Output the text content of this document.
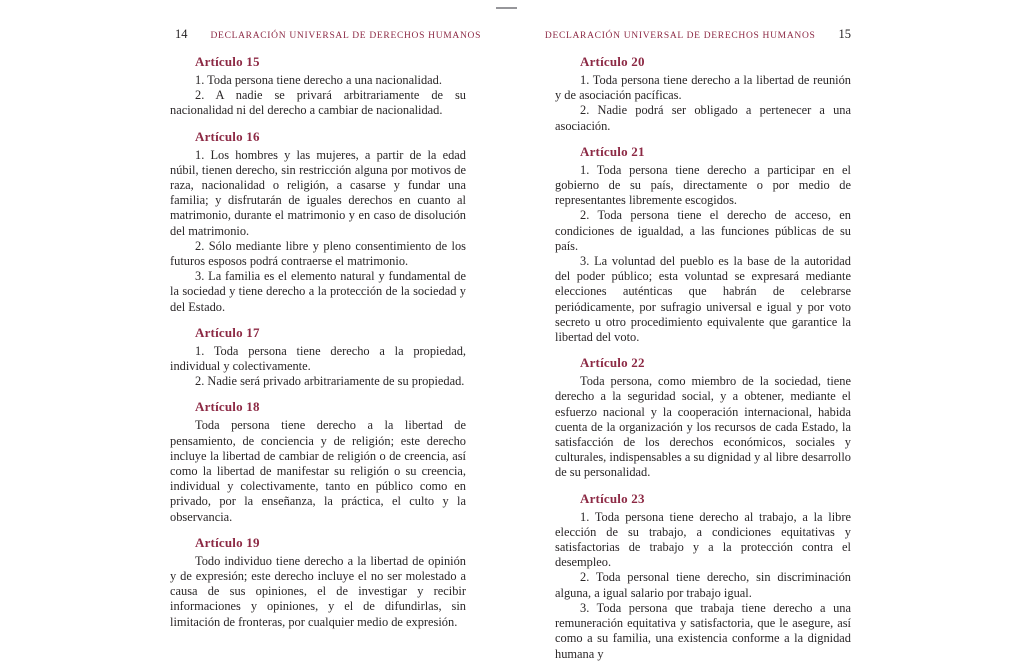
14 DECLARACIÓN UNIVERSAL DE DERECHOS HUMANOS
Artículo 15

1. Toda persona tiene derecho a una nacionalidad.

2. A nadie se privará arbitrariamente de su nacionalidad ni del derecho a cambiar de nacionalidad.

Artículo 16

1. Los hombres y las mujeres, a partir de la edad núbil, tienen derecho, sin restricción alguna por motivos de raza, nacionalidad o religión, a casarse y fundar una familia; y disfrutarán de iguales derechos en cuanto al matrimonio, durante el matrimonio y en caso de disolución del matrimonio.

2. Sólo mediante libre y pleno consentimiento de los futuros esposos podrá contraerse el matrimonio.

3. La familia es el elemento natural y fundamental de la sociedad y tiene derecho a la protección de la sociedad y del Estado.

Artículo 17

1. Toda persona tiene derecho a la propiedad, individual y colectivamente.

2. Nadie será privado arbitrariamente de su propiedad.

Artículo 18

Toda persona tiene derecho a la libertad de pensamiento, de conciencia y de religión; este derecho incluye la libertad de cambiar de religión o de creencia, así como la libertad de manifestar su religión o su creencia, individual y colectivamente, tanto en público como en privado, por la enseñanza, la práctica, el culto y la observancia.

Artículo 19

Todo individuo tiene derecho a la libertad de opinión y de expresión; este derecho incluye el no ser molestado a causa de sus opiniones, el de investigar y recibir informaciones y opiniones, y el de difundirlas, sin limitación de fronteras, por cualquier medio de expresión.

DECLARACIÓN UNIVERSAL DE DERECHOS HUMANOS 15
Artículo 20

1. Toda persona tiene derecho a la libertad de reunión y de asociación pacíficas.

2. Nadie podrá ser obligado a pertenecer a una asociación.

Artículo 21

1. Toda persona tiene derecho a participar en el gobierno de su país, directamente o por medio de representantes libremente escogidos.

2. Toda persona tiene el derecho de acceso, en condiciones de igualdad, a las funciones públicas de su país.

3. La voluntad del pueblo es la base de la autoridad del poder público; esta voluntad se expresará mediante elecciones auténticas que habrán de celebrarse periódicamente, por sufragio universal e igual y por voto secreto u otro procedimiento equivalente que garantice la libertad del voto.

Artículo 22

Toda persona, como miembro de la sociedad, tiene derecho a la seguridad social, y a obtener, mediante el esfuerzo nacional y la cooperación internacional, habida cuenta de la organización y los recursos de cada Estado, la satisfacción de los derechos económicos, sociales y culturales, indispensables a su dignidad y al libre desarrollo de su personalidad.

Artículo 23

1. Toda persona tiene derecho al trabajo, a la libre elección de su trabajo, a condiciones equitativas y satisfactorias de trabajo y a la protección contra el desempleo.

2. Toda personal tiene derecho, sin discriminación alguna, a igual salario por trabajo igual.

3. Toda persona que trabaja tiene derecho a una remuneración equitativa y satisfactoria, que le asegure, así como a su familia, una existencia conforme a la dignidad humana y
